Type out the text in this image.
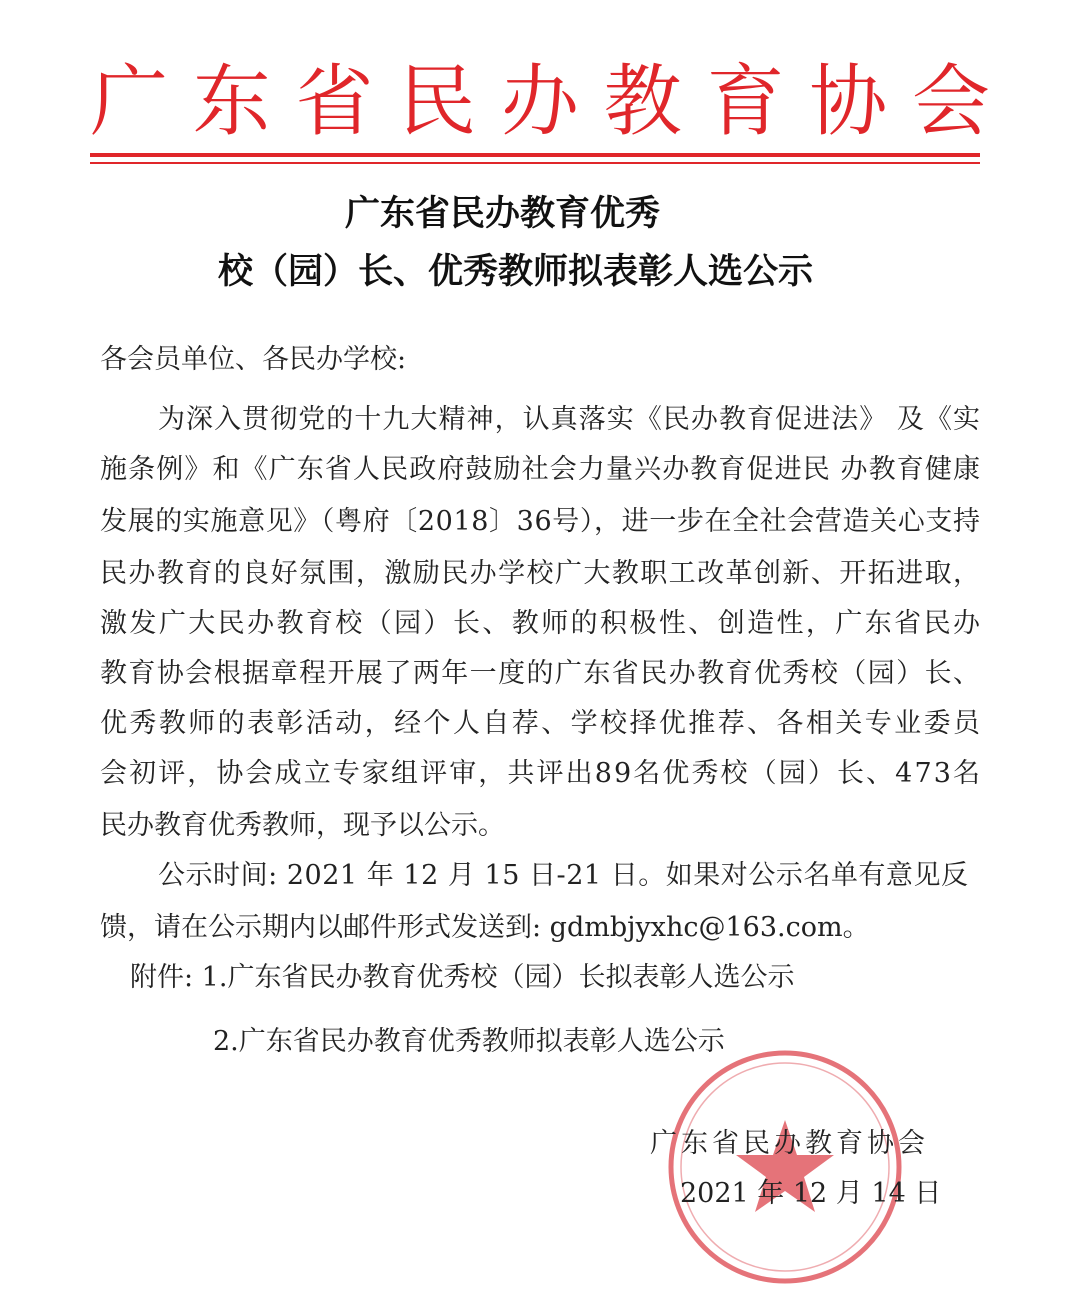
广东省民办教育协会
广东省民办教育优秀
校（园）长、优秀教师拟表彰人选公示
各会员单位、各民办学校:
为深入贯彻党的十九大精神，认真落实《民办教育促进法》 及《实
施条例》和《广东省人民政府鼓励社会力量兴办教育促进民 办教育健康
发展的实施意见》（粤府〔2018〕36号），进一步在全社会营造关心支持
民办教育的良好氛围，激励民办学校广大教职工改革创新、开拓进取，
激发广大民办教育校（园）长、教师的积极性、创造性，广东省民办
教育协会根据章程开展了两年一度的广东省民办教育优秀校（园）长、
优秀教师的表彰活动，经个人自荐、学校择优推荐、各相关专业委员
会初评，协会成立专家组评审，共评出89名优秀校（园）长、473名
民办教育优秀教师，现予以公示。
公示时间: 2021 年 12 月 15 日-21 日。如果对公示名单有意见反
馈，请在公示期内以邮件形式发送到: gdmbjyxhc@163.com。
附件: 1.广东省民办教育优秀校（园）长拟表彰人选公示
2.广东省民办教育优秀教师拟表彰人选公示
广东省民办教育协会
2021 年 12 月 14 日
